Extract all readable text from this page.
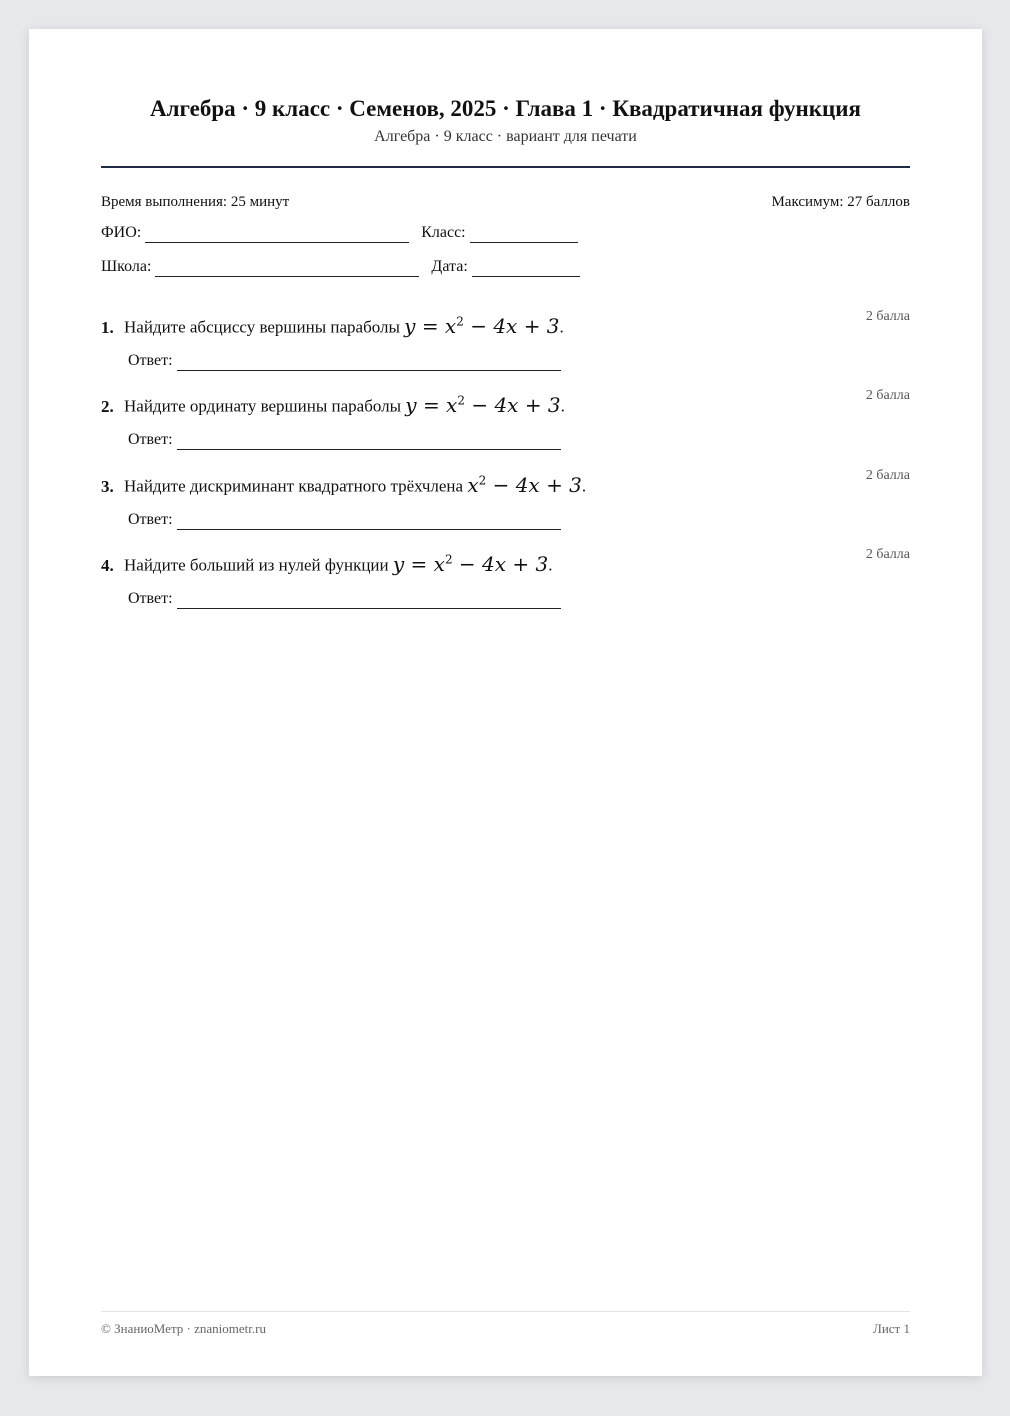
Алгебра · 9 класс · Семенов, 2025 · Глава 1 · Квадратичная функция
Алгебра · 9 класс · вариант для печати
Время выполнения: 25 минут	Максимум: 27 баллов
ФИО:	Класс:
Школа:	Дата:
1. Найдите абсциссу вершины параболы $y = x^2 - 4x + 3$.
2 балла
Ответ:
2. Найдите ординату вершины параболы $y = x^2 - 4x + 3$.
2 балла
Ответ:
3. Найдите дискриминант квадратного трёхчлена $x^2 - 4x + 3$.
2 балла
Ответ:
4. Найдите больший из нулей функции $y = x^2 - 4x + 3$.
2 балла
Ответ:
© ЗнаниоМетр · znaniometr.ru	Лист 1
